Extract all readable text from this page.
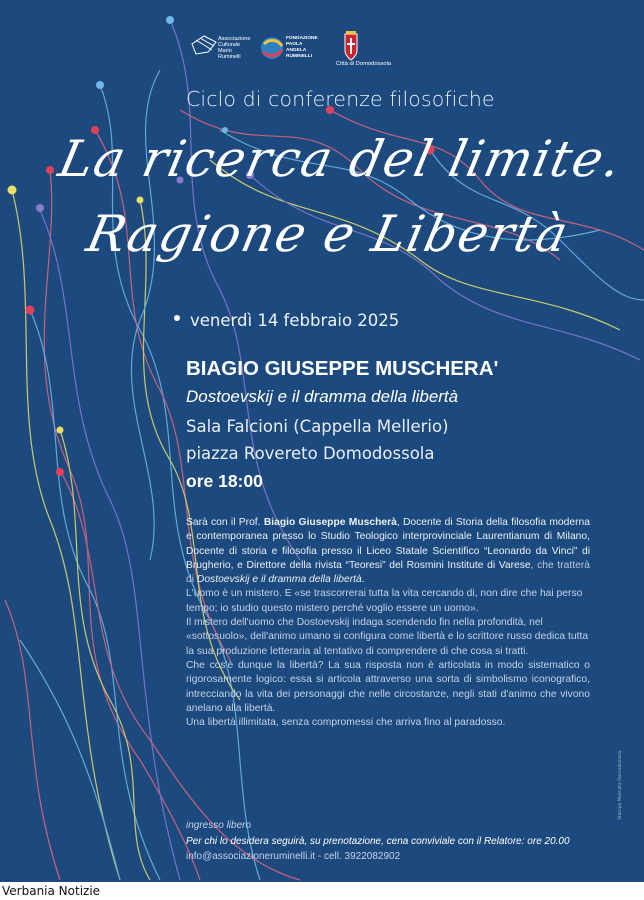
Associazione
Culturale
Mario
Ruminelli
FONDAZIONE
PAOLA
ANGELA
RUMINELLI
Città di Domodossola
Ciclo di conferenze filosofiche
La ricerca del limite.
Ragione e Libertà
venerdì 14 febbraio 2025
BIAGIO GIUSEPPE MUSCHERA'
Dostoevskij e il dramma della libertà
Sala Falcioni (Cappella Mellerio)
piazza Rovereto Domodossola
ore 18:00

Sarà con il Prof. Biagio Giuseppe Muscherà, Docente di Storia della filosofia moderna e contemporanea presso lo Studio Teologico interprovinciale Laurentianum di Milano, Docente di storia e filosofia presso il Liceo Statale Scientifico “Leonardo da Vinci” di Brugherio, e Direttore della rivista “Teoresi” del Rosmini Institute di Varese, che tratterà di Dostoevskij e il dramma della libertà.

L'uomo è un mistero. E «se trascorrerai tutta la vita cercando di, non dire che hai perso tempo; io studio questo mistero perché voglio essere un uomo».

Il mistero dell'uomo che Dostoevskij indaga scendendo fin nella profondità, nel «sottosuolo», dell'animo umano si configura come libertà e lo scrittore russo dedica tutta la sua produzione letteraria al tentativo di comprendere di che cosa si tratti.

Che cos'è dunque la libertà? La sua risposta non è articolata in modo sistematico o rigorosamente logico: essa si articola attraverso una sorta di simbolismo iconografico, intrecciando la vita dei personaggi che nelle circostanze, negli stati d'animo che vivono anelano alla libertà.

Una libertà illimitata, senza compromessi che arriva fino al paradosso.

ingresso libero
Per chi lo desidera seguirà, su prenotazione, cena conviviale con il Relatore: ore 20.00
info@associazioneruminelli.it - cell. 3922082902
Stampa Muscata Domodossola
Verbania Notizie
